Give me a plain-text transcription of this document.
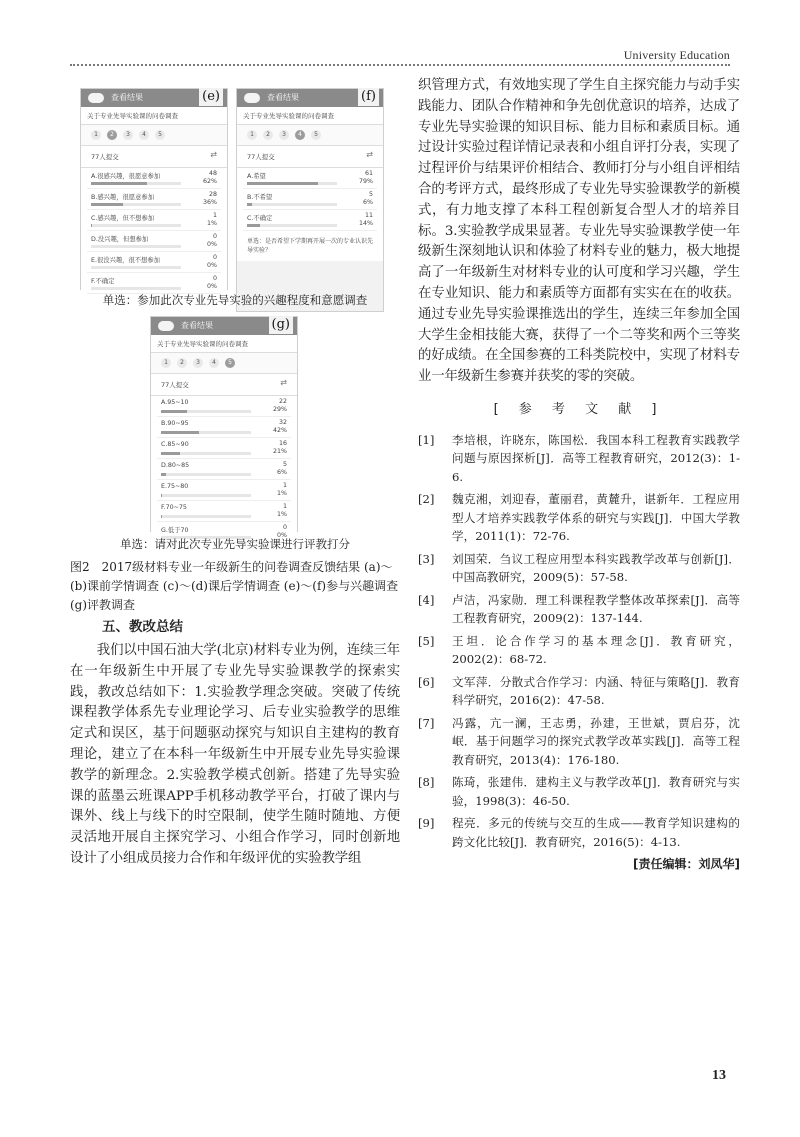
University Education
查看结果	(e)
关于专业先导实验课的问卷调查
1	2	3	4	5
77人提交	⇄
A.很感兴趣，很愿意参加	48
62%
B.感兴趣，很愿意参加	28
36%
C.感兴趣，但不想参加	1
1%
D.没兴趣，但想参加	0
0%
E.很没兴趣，很不想参加	0
0%
F.不确定	0
0%
查看结果	(f)
关于专业先导实验课的问卷调查
1	2	3	4	5
77人提交	⇄
A.希望	61
79%
B.不希望	5
6%
C.不确定	11
14%
单选：是否希望下学期再开展一次的专业认识先导实验？
查看结果	(g)
关于专业先导实验课的问卷调查
1	2	3	4	5
77人提交	⇄
A.95~10	22
29%
B.90~95	32
42%
C.85~90	16
21%
D.80~85	5
6%
E.75~80	1
1%
F.70~75	1
1%
G.低于70	0
0%
单选：参加此次专业先导实验的兴趣程度和意愿调查
单选：请对此次专业先导实验课进行评教打分
图2　2017级材料专业一年级新生的问卷调查反馈结果 (a)～(b)课前学情调查 (c)～(d)课后学情调查 (e)～(f)参与兴趣调查 (g)评教调查
五、教改总结
我们以中国石油大学(北京)材料专业为例，连续三年在一年级新生中开展了专业先导实验课教学的探索实践，教改总结如下：1.实验教学理念突破。突破了传统课程教学体系先专业理论学习、后专业实验教学的思维定式和误区，基于问题驱动探究与知识自主建构的教育理论，建立了在本科一年级新生中开展专业先导实验课教学的新理念。2.实验教学模式创新。搭建了先导实验课的蓝墨云班课APP手机移动教学平台，打破了课内与课外、线上与线下的时空限制，使学生随时随地、方便灵活地开展自主探究学习、小组合作学习，同时创新地设计了小组成员接力合作和年级评优的实验教学组
织管理方式，有效地实现了学生自主探究能力与动手实践能力、团队合作精神和争先创优意识的培养，达成了专业先导实验课的知识目标、能力目标和素质目标。通过设计实验过程详情记录表和小组自评打分表，实现了过程评价与结果评价相结合、教师打分与小组自评相结合的考评方式，最终形成了专业先导实验课教学的新模式，有力地支撑了本科工程创新复合型人才的培养目标。3.实验教学成果显著。专业先导实验课教学使一年级新生深刻地认识和体验了材料专业的魅力，极大地提高了一年级新生对材料专业的认可度和学习兴趣，学生在专业知识、能力和素质等方面都有实实在在的收获。通过专业先导实验课推选出的学生，连续三年参加全国大学生金相技能大赛，获得了一个二等奖和两个三等奖的好成绩。在全国参赛的工科类院校中，实现了材料专业一年级新生参赛并获奖的零的突破。
[ 参 考 文 献 ]
[1] 李培根，许晓东，陈国松．我国本科工程教育实践教学问题与原因探析[J]．高等工程教育研究，2012(3)：1-6.
[2] 魏克湘，刘迎春，董丽君，黄麓升，谌新年．工程应用型人才培养实践教学体系的研究与实践[J]．中国大学教学，2011(1)：72-76.
[3] 刘国荣．刍议工程应用型本科实践教学改革与创新[J]．中国高教研究，2009(5)：57-58.
[4] 卢洁，冯家勋．理工科课程教学整体改革探索[J]．高等工程教育研究，2009(2)：137-144.
[5] 王坦．论合作学习的基本理念[J]．教育研究，2002(2)：68-72.
[6] 文军萍．分散式合作学习：内涵、特征与策略[J]．教育科学研究，2016(2)：47-58.
[7] 冯露，亢一澜，王志勇，孙建，王世斌，贾启芬，沈岷．基于问题学习的探究式教学改革实践[J]．高等工程教育研究，2013(4)：176-180.
[8] 陈琦，张建伟．建构主义与教学改革[J]．教育研究与实验，1998(3)：46-50.
[9] 程亮．多元的传统与交互的生成——教育学知识建构的跨文化比较[J]．教育研究，2016(5)：4-13.
[责任编辑：刘凤华]
13
